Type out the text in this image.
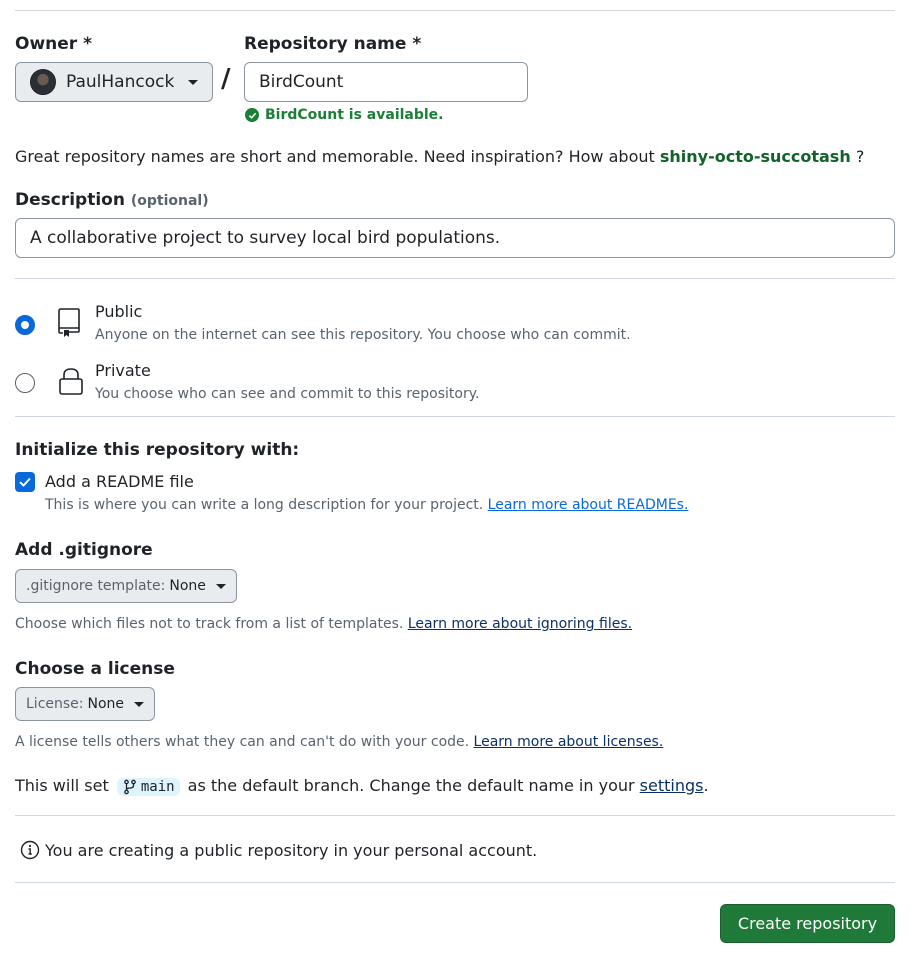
Owner *
PaulHancock /
Repository name *
BirdCount
BirdCount is available.
Great repository names are short and memorable. Need inspiration? How about shiny-octo-succotash ?
Description (optional)
A collaborative project to survey local bird populations.
Public
Anyone on the internet can see this repository. You choose who can commit.
Private
You choose who can see and commit to this repository.
Initialize this repository with:
Add a README file
This is where you can write a long description for your project. Learn more about READMEs.
Add .gitignore
.gitignore template: None
Choose which files not to track from a list of templates. Learn more about ignoring files.
Choose a license
License: None
A license tells others what they can and can't do with your code. Learn more about licenses.
This will set main as the default branch. Change the default name in your settings.
You are creating a public repository in your personal account.
Create repository
